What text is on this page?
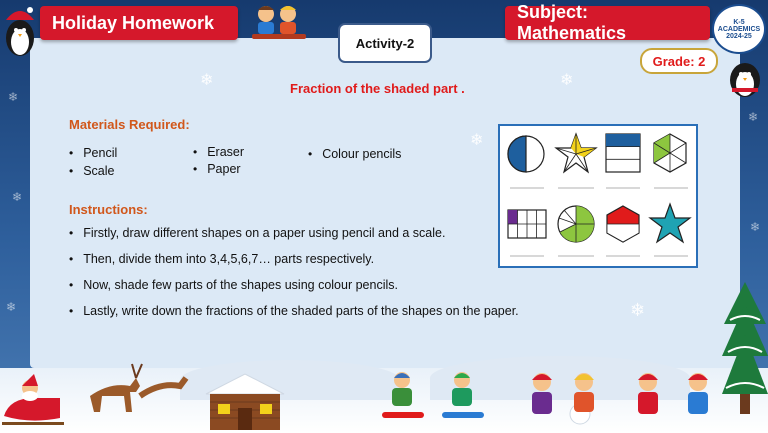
❄
❄
❄
❄
❄
❄	❄
❄
❄
Holiday Homework
Activity-2
Subject: Mathematics
K-5
ACADEMICS
2024-25
Grade: 2
Fraction of the shaded part .
Materials Required:
• Pencil
• Scale
• Eraser
• Paper
• Colour pencils
Instructions:
• Firstly, draw different shapes on a paper using pencil and a scale.
• Then, divide them into 3,4,5,6,7… parts respectively.
• Now, shade few parts of the shapes using colour pencils.
• Lastly, write down the fractions of the shaded parts of the shapes on the paper.
